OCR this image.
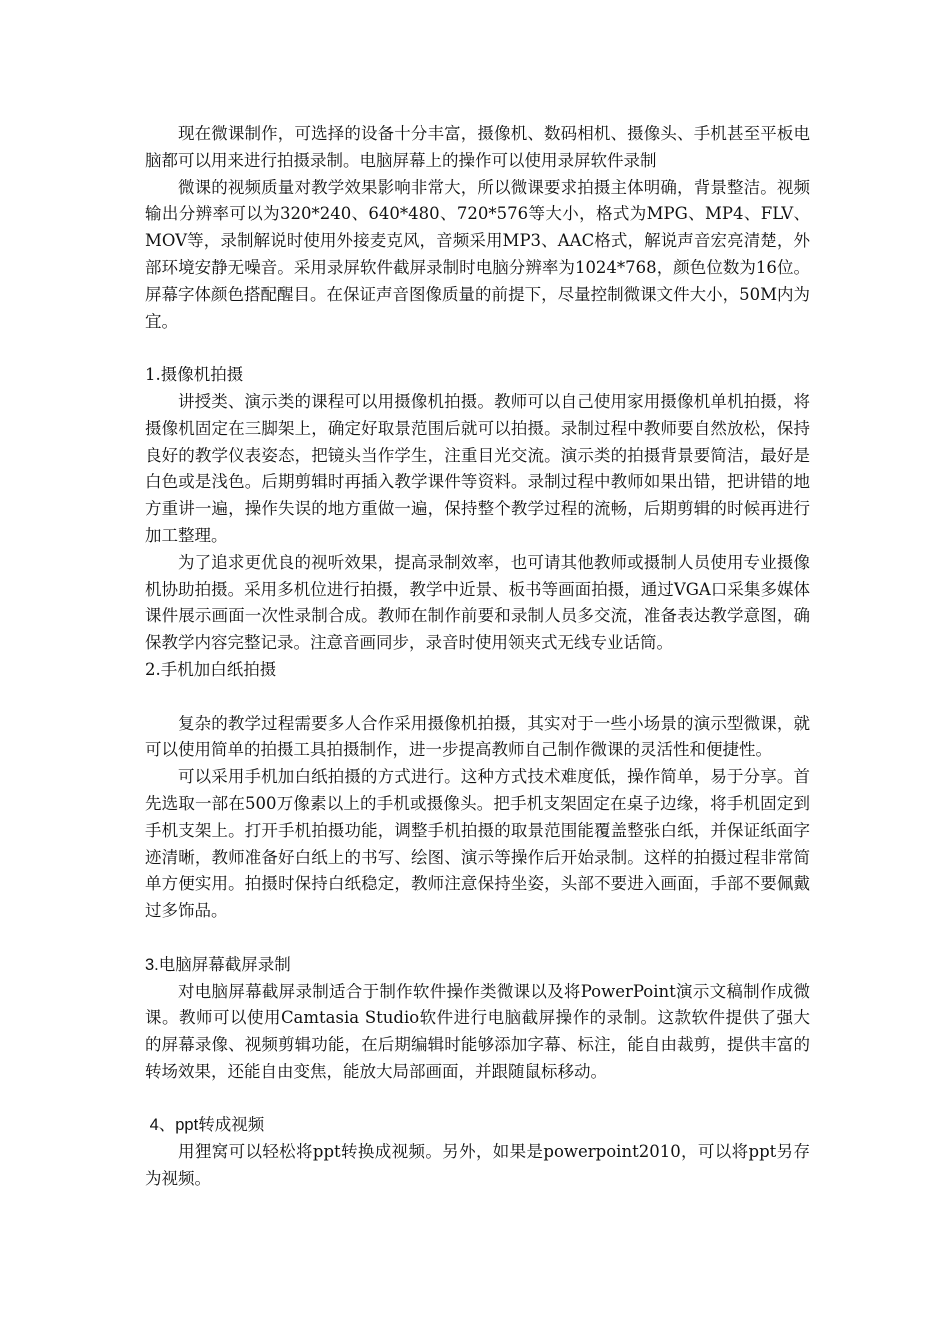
现在微课制作，可选择的设备十分丰富，摄像机、数码相机、摄像头、手机甚至平板电脑都可以用来进行拍摄录制。电脑屏幕上的操作可以使用录屏软件录制

微课的视频质量对教学效果影响非常大，所以微课要求拍摄主体明确，背景整洁。视频输出分辨率可以为320*240、640*480、720*576等大小，格式为MPG、MP4、FLV、MOV等，录制解说时使用外接麦克风，音频采用MP3、AAC格式，解说声音宏亮清楚，外部环境安静无噪音。采用录屏软件截屏录制时电脑分辨率为1024*768，颜色位数为16位。屏幕字体颜色搭配醒目。在保证声音图像质量的前提下，尽量控制微课文件大小，50M内为宜。

1.摄像机拍摄

讲授类、演示类的课程可以用摄像机拍摄。教师可以自己使用家用摄像机单机拍摄，将摄像机固定在三脚架上，确定好取景范围后就可以拍摄。录制过程中教师要自然放松，保持良好的教学仪表姿态，把镜头当作学生，注重目光交流。演示类的拍摄背景要简洁，最好是白色或是浅色。后期剪辑时再插入教学课件等资料。录制过程中教师如果出错，把讲错的地方重讲一遍，操作失误的地方重做一遍，保持整个教学过程的流畅，后期剪辑的时候再进行加工整理。

为了追求更优良的视听效果，提高录制效率，也可请其他教师或摄制人员使用专业摄像机协助拍摄。采用多机位进行拍摄，教学中近景、板书等画面拍摄，通过VGA口采集多媒体课件展示画面一次性录制合成。教师在制作前要和录制人员多交流，准备表达教学意图，确保教学内容完整记录。注意音画同步，录音时使用领夹式无线专业话筒。

2.手机加白纸拍摄

复杂的教学过程需要多人合作采用摄像机拍摄，其实对于一些小场景的演示型微课，就可以使用简单的拍摄工具拍摄制作，进一步提高教师自己制作微课的灵活性和便捷性。

可以采用手机加白纸拍摄的方式进行。这种方式技术难度低，操作简单，易于分享。首先选取一部在500万像素以上的手机或摄像头。把手机支架固定在桌子边缘，将手机固定到手机支架上。打开手机拍摄功能，调整手机拍摄的取景范围能覆盖整张白纸，并保证纸面字迹清晰，教师准备好白纸上的书写、绘图、演示等操作后开始录制。这样的拍摄过程非常简单方便实用。拍摄时保持白纸稳定，教师注意保持坐姿，头部不要进入画面，手部不要佩戴过多饰品。

3.电脑屏幕截屏录制

对电脑屏幕截屏录制适合于制作软件操作类微课以及将PowerPoint演示文稿制作成微课。教师可以使用Camtasia Studio软件进行电脑截屏操作的录制。这款软件提供了强大的屏幕录像、视频剪辑功能，在后期编辑时能够添加字幕、标注，能自由裁剪，提供丰富的转场效果，还能自由变焦，能放大局部画面，并跟随鼠标移动。

4、ppt转成视频

用狸窝可以轻松将ppt转换成视频。另外，如果是powerpoint2010，可以将ppt另存为视频。
